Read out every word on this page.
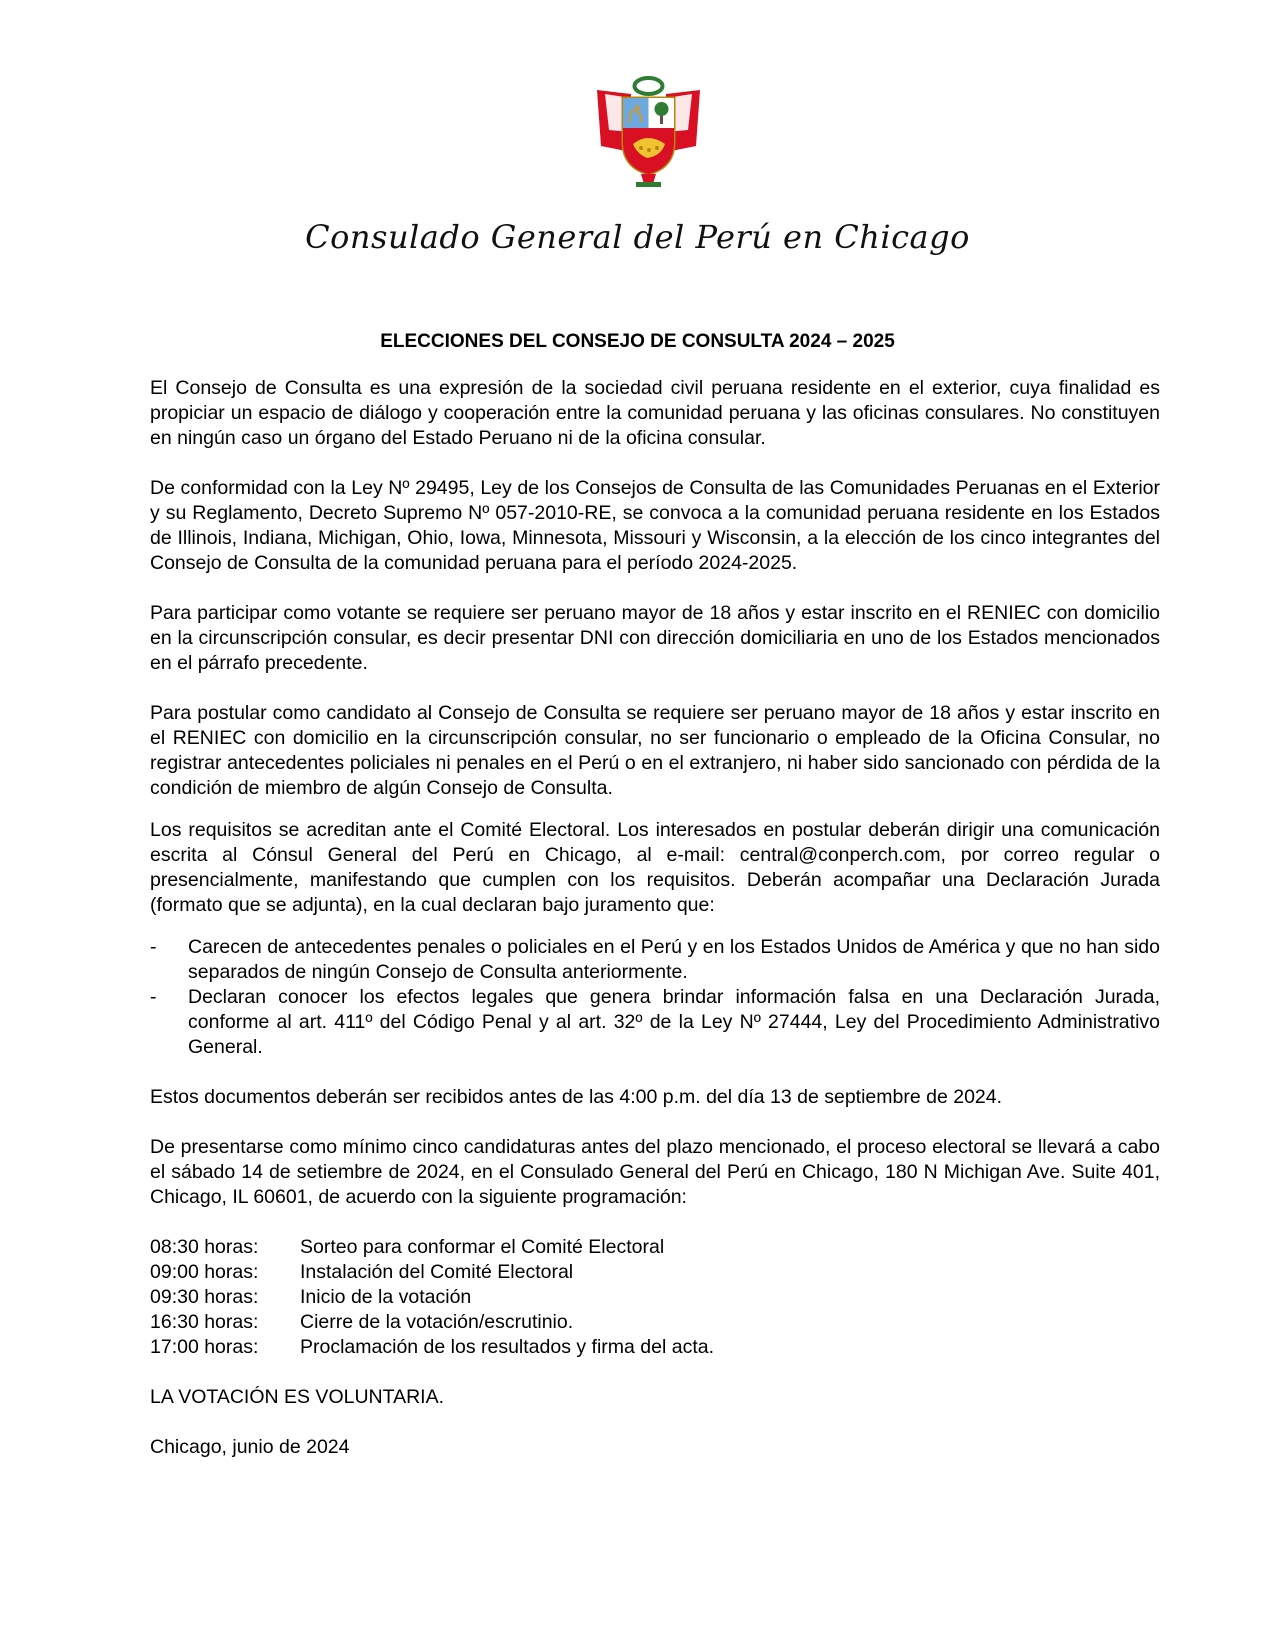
Consulado General del Perú en Chicago
ELECCIONES DEL CONSEJO DE CONSULTA 2024 – 2025

El Consejo de Consulta es una expresión de la sociedad civil peruana residente en el exterior, cuya finalidad es propiciar un espacio de diálogo y cooperación entre la comunidad peruana y las oficinas consulares. No constituyen en ningún caso un órgano del Estado Peruano ni de la oficina consular.

De conformidad con la Ley Nº 29495, Ley de los Consejos de Consulta de las Comunidades Peruanas en el Exterior y su Reglamento, Decreto Supremo Nº 057-2010-RE, se convoca a la comunidad peruana residente en los Estados de Illinois, Indiana, Michigan, Ohio, Iowa, Minnesota, Missouri y Wisconsin, a la elección de los cinco integrantes del Consejo de Consulta de la comunidad peruana para el período 2024-2025.

Para participar como votante se requiere ser peruano mayor de 18 años y estar inscrito en el RENIEC con domicilio en la circunscripción consular, es decir presentar DNI con dirección domiciliaria en uno de los Estados mencionados en el párrafo precedente.

Para postular como candidato al Consejo de Consulta se requiere ser peruano mayor de 18 años y estar inscrito en el RENIEC con domicilio en la circunscripción consular, no ser funcionario o empleado de la Oficina Consular, no registrar antecedentes policiales ni penales en el Perú o en el extranjero, ni haber sido sancionado con pérdida de la condición de miembro de algún Consejo de Consulta.

Los requisitos se acreditan ante el Comité Electoral. Los interesados en postular deberán dirigir una comunicación escrita al Cónsul General del Perú en Chicago, al e-mail: central@conperch.com, por correo regular o presencialmente, manifestando que cumplen con los requisitos. Deberán acompañar una Declaración Jurada (formato que se adjunta), en la cual declaran bajo juramento que:

- Carecen de antecedentes penales o policiales en el Perú y en los Estados Unidos de América y que no han sido separados de ningún Consejo de Consulta anteriormente.
- Declaran conocer los efectos legales que genera brindar información falsa en una Declaración Jurada, conforme al art. 411º del Código Penal y al art. 32º de la Ley Nº 27444, Ley del Procedimiento Administrativo General.

Estos documentos deberán ser recibidos antes de las 4:00 p.m. del día 13 de septiembre de 2024.

De presentarse como mínimo cinco candidaturas antes del plazo mencionado, el proceso electoral se llevará a cabo el sábado 14 de setiembre de 2024, en el Consulado General del Perú en Chicago, 180 N Michigan Ave. Suite 401, Chicago, IL 60601, de acuerdo con la siguiente programación:

08:30 horas:	Sorteo para conformar el Comité Electoral
09:00 horas:	Instalación del Comité Electoral
09:30 horas:	Inicio de la votación
16:30 horas:	Cierre de la votación/escrutinio.
17:00 horas:	Proclamación de los resultados y firma del acta.

LA VOTACIÓN ES VOLUNTARIA.

Chicago, junio de 2024
